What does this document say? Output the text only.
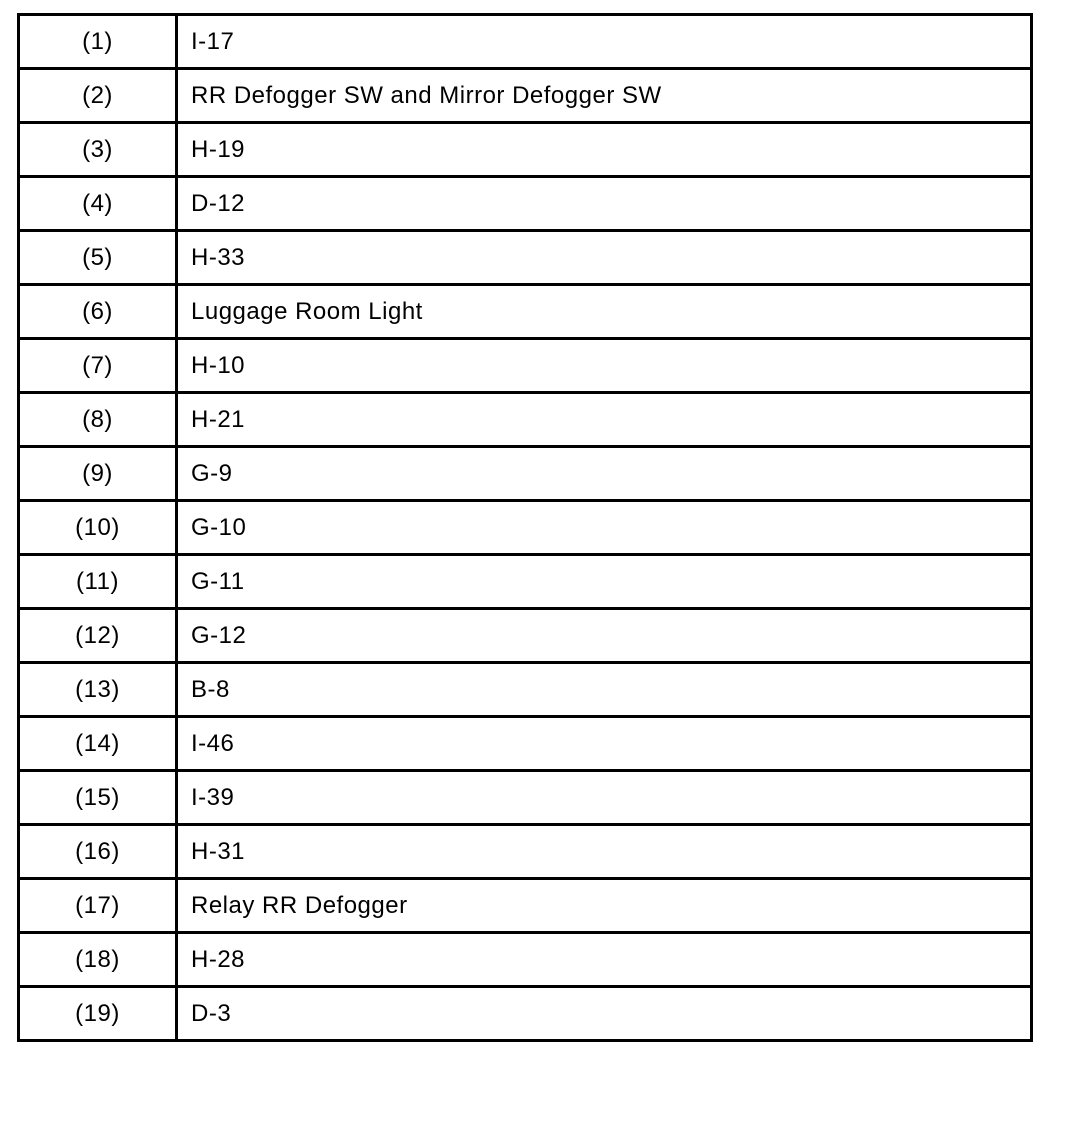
(1)	I-17
(2)	RR Defogger SW and Mirror Defogger SW
(3)	H-19
(4)	D-12
(5)	H-33
(6)	Luggage Room Light
(7)	H-10
(8)	H-21
(9)	G-9
(10)	G-10
(11)	G-11
(12)	G-12
(13)	B-8
(14)	I-46
(15)	I-39
(16)	H-31
(17)	Relay RR Defogger
(18)	H-28
(19)	D-3
